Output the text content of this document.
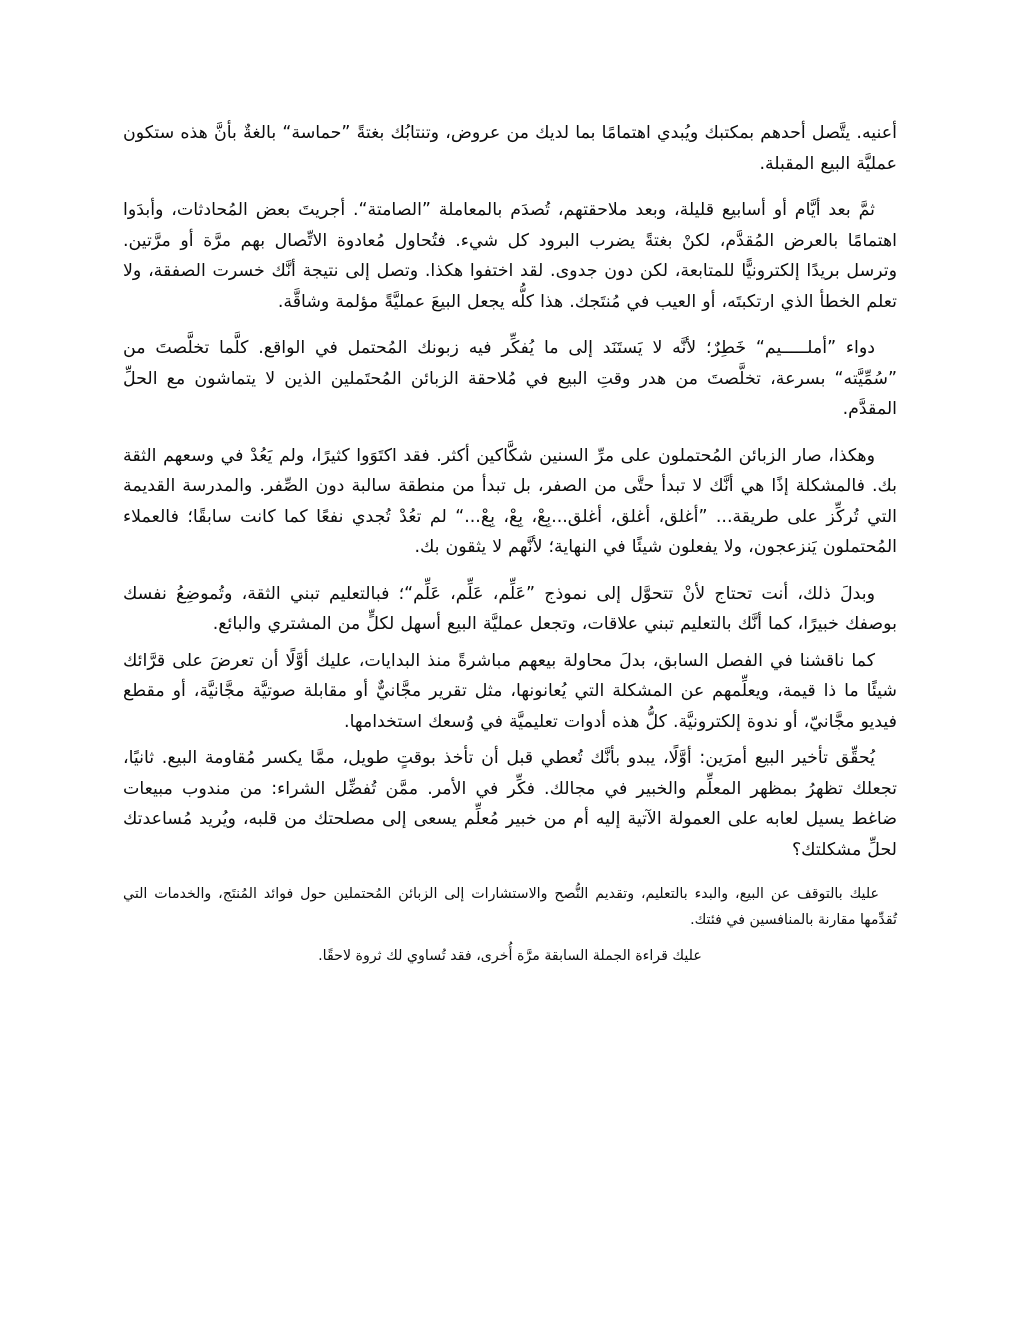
أعنيه. يتَّصل أحدهم بمكتبك ويُبدي اهتمامًا بما لديك من عروض، وتنتابُك بغتةً ”حماسة“ بالغةٌ بأنَّ هذه ستكون عمليَّة البيع المقبلة.

ثمَّ بعد أيَّام أو أسابيع قليلة، وبعد ملاحقتهم، تُصدَم بالمعاملة ”الصامتة“. أجريتَ بعض المُحادثات، وأبدَوا اهتمامًا بالعرض المُقدَّم، لكنْ بغتةً يضرب البرود كل شيء. فتُحاول مُعادوة الاتِّصال بهم مرَّة أو مرَّتين. وترسل بريدًا إلكترونيًّا للمتابعة، لكن دون جدوى. لقد اختفوا هكذا. وتصل إلى نتيجة أنَّك خسرت الصفقة، ولا تعلم الخطأ الذي ارتكبتَه، أو العيب في مُنتَجك. هذا كلُّه يجعل البيعَ عمليَّةً مؤلمة وشاقَّة.

دواء ”أملـــــيم“ خَطِرٌ؛ لأنَّه لا يَستَنَد إلى ما يُفكِّر فيه زبونك المُحتمل في الواقع. كلَّما تخلَّصتَ من ”سُمِّيَّته“ بسرعة، تخلَّصتَ من هدر وقتِ البيع في مُلاحقة الزبائن المُحتَملين الذين لا يتماشون مع الحلِّ المقدَّم.

وهكذا، صار الزبائن المُحتملون على مرِّ السنين شكَّاكين أكثر. فقد اكتَوَوا كثيرًا، ولم يَعُدْ في وسعهم الثقة بك. فالمشكلة إذًا هي أنَّك لا تبدأ حتَّى من الصفر، بل تبدأ من منطقة سالبة دون الصِّفر. والمدرسة القديمة التي تُركِّز على طريقة... ”أغلق، أغلق، أغلق...بِعْ، بِعْ، بِعْ...“ لم تعُدْ تُجدي نفعًا كما كانت سابقًا؛ فالعملاء المُحتملون يَنزعجون، ولا يفعلون شيئًا في النهاية؛ لأنَّهم لا يثقون بك.

وبدلَ ذلك، أنت تحتاج لأنْ تتحوَّل إلى نموذج ”عَلِّم، عَلِّم، عَلِّم“؛ فبالتعليم تبني الثقة، وتُموضِعُ نفسك بوصفك خبيرًا، كما أنَّك بالتعليم تبني علاقات، وتجعل عمليَّة البيع أسهل لكلٍّ من المشتري والبائع.

كما ناقشنا في الفصل السابق، بدلَ محاولة بيعهم مباشرةً منذ البدايات، عليك أوَّلًا أن تعرضَ على قرَّائك شيئًا ما ذا قيمة، ويعلِّمهم عن المشكلة التي يُعانونها، مثل تقرير مجَّانيٌّ أو مقابلة صوتيَّة مجَّانيَّة، أو مقطع فيديو مجَّانيّ، أو ندوة إلكترونيَّة. كلُّ هذه أدوات تعليميَّة في وُسعك استخدامها.

يُحقِّق تأخير البيع أمرَين: أوَّلًا، يبدو بأنَّك تُعطي قبل أن تأخذ بوقتٍ طويل، ممَّا يكسر مُقاومة البيع. ثانيًا، تجعلك تظهرُ بمظهر المعلِّم والخبير في مجالك. فكِّر في الأمر. ممَّن تُفضِّل الشراء: من مندوب مبيعات ضاغط يسيل لعابه على العمولة الآتية إليه أم من خبير مُعلِّم يسعى إلى مصلحتك من قلبه، ويُريد مُساعدتك لحلِّ مشكلتك؟

عليك بالتوقف عن البيع، والبدء بالتعليم، وتقديم النُّصح والاستشارات إلى الزبائن المُحتملين حول فوائد المُنتَج، والخدمات التي تُقدِّمها مقارنة بالمنافسين في فئتك.

عليك قراءة الجملة السابقة مرَّة أُخرى، فقد تُساوي لك ثروة لاحقًا.
